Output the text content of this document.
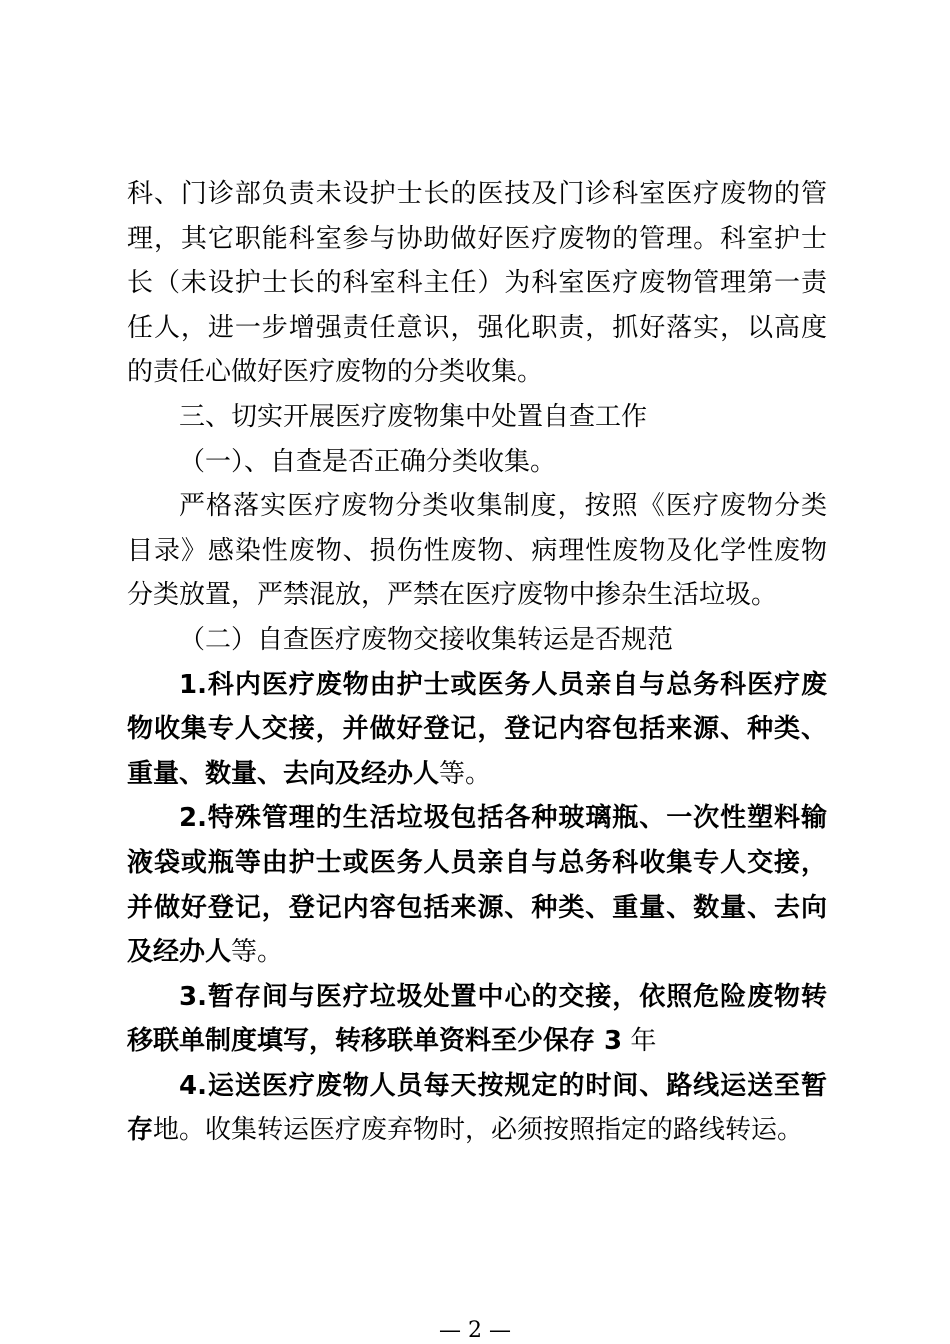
科、门诊部负责未设护士长的医技及门诊科室医疗废物的管理，其它职能科室参与协助做好医疗废物的管理。科室护士长（未设护士长的科室科主任）为科室医疗废物管理第一责任人，进一步增强责任意识，强化职责，抓好落实，以高度的责任心做好医疗废物的分类收集。

三、切实开展医疗废物集中处置自查工作

（一）、自查是否正确分类收集。

严格落实医疗废物分类收集制度，按照《医疗废物分类目录》感染性废物、损伤性废物、病理性废物及化学性废物分类放置，严禁混放，严禁在医疗废物中掺杂生活垃圾。

（二）自查医疗废物交接收集转运是否规范

1.科内医疗废物由护士或医务人员亲自与总务科医疗废物收集专人交接，并做好登记，登记内容包括来源、种类、重量、数量、去向及经办人等。

2.特殊管理的生活垃圾包括各种玻璃瓶、一次性塑料输液袋或瓶等由护士或医务人员亲自与总务科收集专人交接，并做好登记，登记内容包括来源、种类、重量、数量、去向及经办人等。

3.暂存间与医疗垃圾处置中心的交接，依照危险废物转移联单制度填写，转移联单资料至少保存 3 年

4.运送医疗废物人员每天按规定的时间、路线运送至暂存地。收集转运医疗废弃物时，必须按照指定的路线转运。

— 2 —
